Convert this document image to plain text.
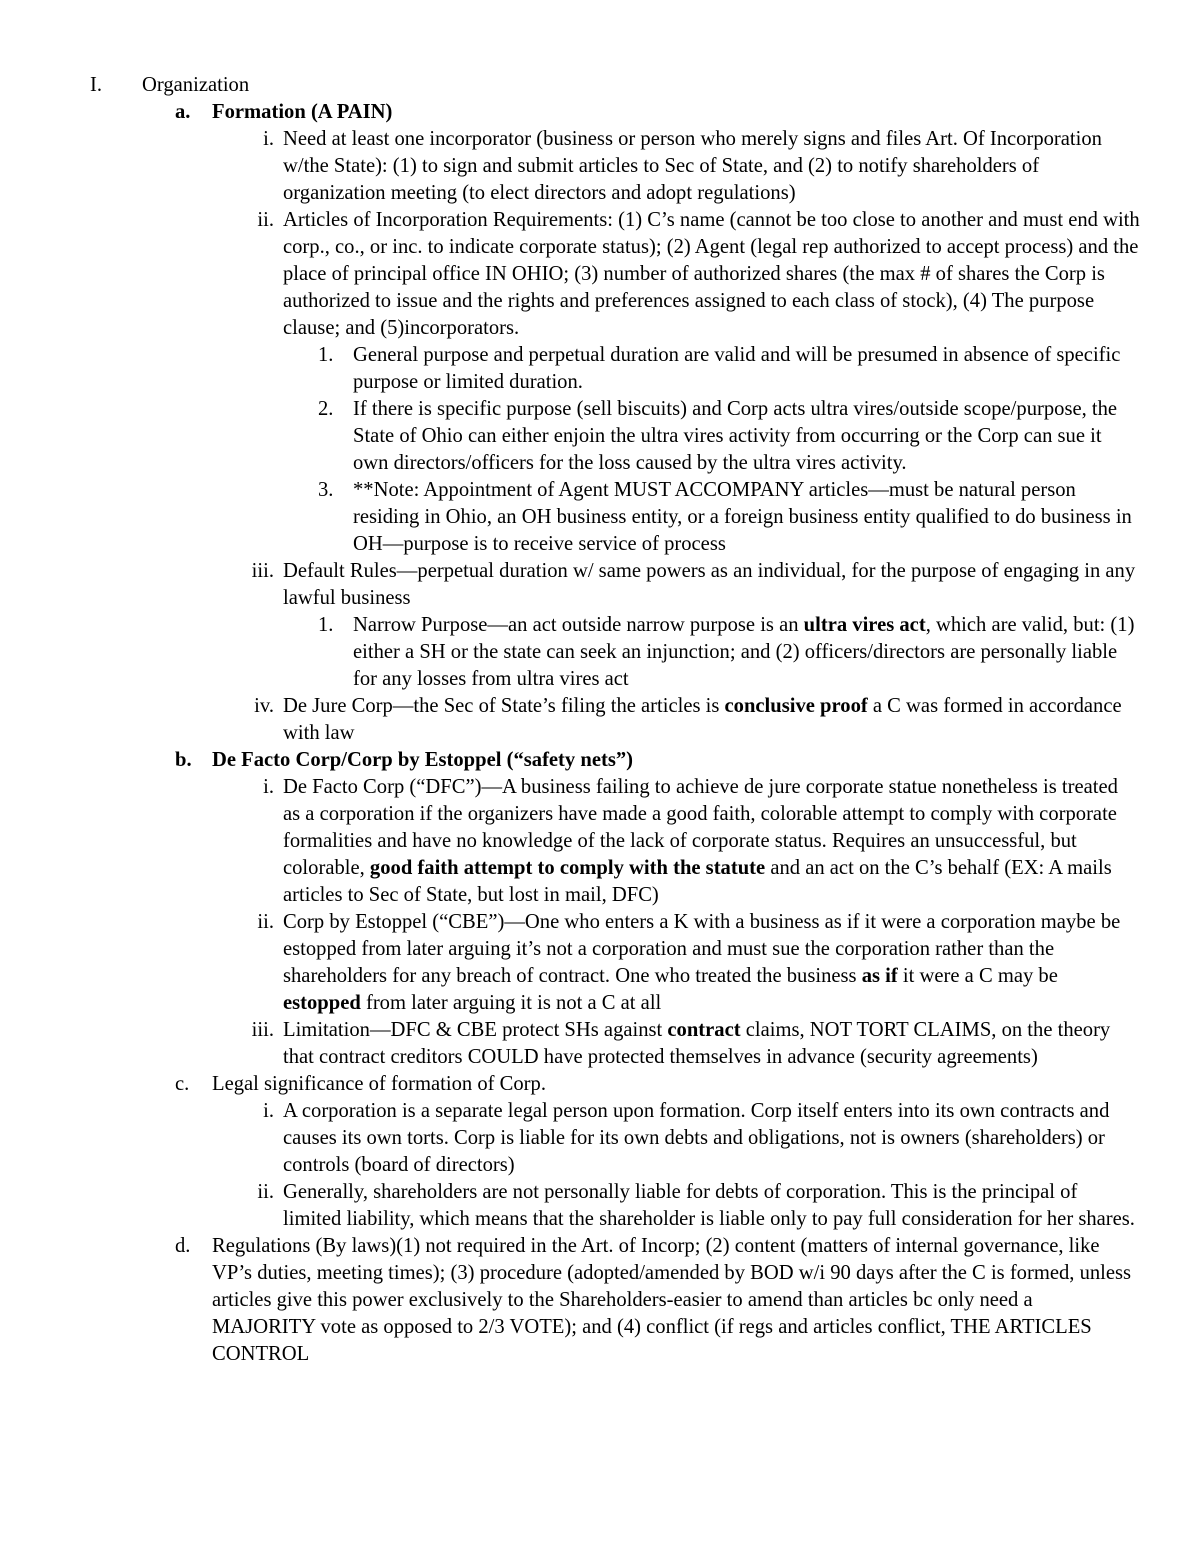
I. Organization
a. Formation (A PAIN)
i. Need at least one incorporator (business or person who merely signs and files Art. Of Incorporation w/the State): (1) to sign and submit articles to Sec of State, and (2) to notify shareholders of organization meeting (to elect directors and adopt regulations)
ii. Articles of Incorporation Requirements: (1) C’s name (cannot be too close to another and must end with corp., co., or inc. to indicate corporate status); (2) Agent (legal rep authorized to accept process) and the place of principal office IN OHIO; (3) number of authorized shares (the max # of shares the Corp is authorized to issue and the rights and preferences assigned to each class of stock), (4) The purpose clause; and (5)incorporators.
1. General purpose and perpetual duration are valid and will be presumed in absence of specific purpose or limited duration.
2. If there is specific purpose (sell biscuits) and Corp acts ultra vires/outside scope/purpose, the State of Ohio can either enjoin the ultra vires activity from occurring or the Corp can sue it own directors/officers for the loss caused by the ultra vires activity.
3. **Note: Appointment of Agent MUST ACCOMPANY articles—must be natural person residing in Ohio, an OH business entity, or a foreign business entity qualified to do business in OH—purpose is to receive service of process
iii. Default Rules—perpetual duration w/ same powers as an individual, for the purpose of engaging in any lawful business
1. Narrow Purpose—an act outside narrow purpose is an ultra vires act, which are valid, but: (1) either a SH or the state can seek an injunction; and (2) officers/directors are personally liable for any losses from ultra vires act
iv. De Jure Corp—the Sec of State’s filing the articles is conclusive proof a C was formed in accordance with law
b. De Facto Corp/Corp by Estoppel (“safety nets”)
i. De Facto Corp (“DFC”)—A business failing to achieve de jure corporate statue nonetheless is treated as a corporation if the organizers have made a good faith, colorable attempt to comply with corporate formalities and have no knowledge of the lack of corporate status. Requires an unsuccessful, but colorable, good faith attempt to comply with the statute and an act on the C’s behalf (EX: A mails articles to Sec of State, but lost in mail, DFC)
ii. Corp by Estoppel (“CBE”)—One who enters a K with a business as if it were a corporation maybe be estopped from later arguing it’s not a corporation and must sue the corporation rather than the shareholders for any breach of contract. One who treated the business as if it were a C may be estopped from later arguing it is not a C at all
iii. Limitation—DFC & CBE protect SHs against contract claims, NOT TORT CLAIMS, on the theory that contract creditors COULD have protected themselves in advance (security agreements)
c. Legal significance of formation of Corp.
i. A corporation is a separate legal person upon formation. Corp itself enters into its own contracts and causes its own torts. Corp is liable for its own debts and obligations, not is owners (shareholders) or controls (board of directors)
ii. Generally, shareholders are not personally liable for debts of corporation. This is the principal of limited liability, which means that the shareholder is liable only to pay full consideration for her shares.
d. Regulations (By laws)(1) not required in the Art. of Incorp; (2) content (matters of internal governance, like VP’s duties, meeting times); (3) procedure (adopted/amended by BOD w/i 90 days after the C is formed, unless articles give this power exclusively to the Shareholders-easier to amend than articles bc only need a MAJORITY vote as opposed to 2/3 VOTE); and (4) conflict (if regs and articles conflict, THE ARTICLES CONTROL
